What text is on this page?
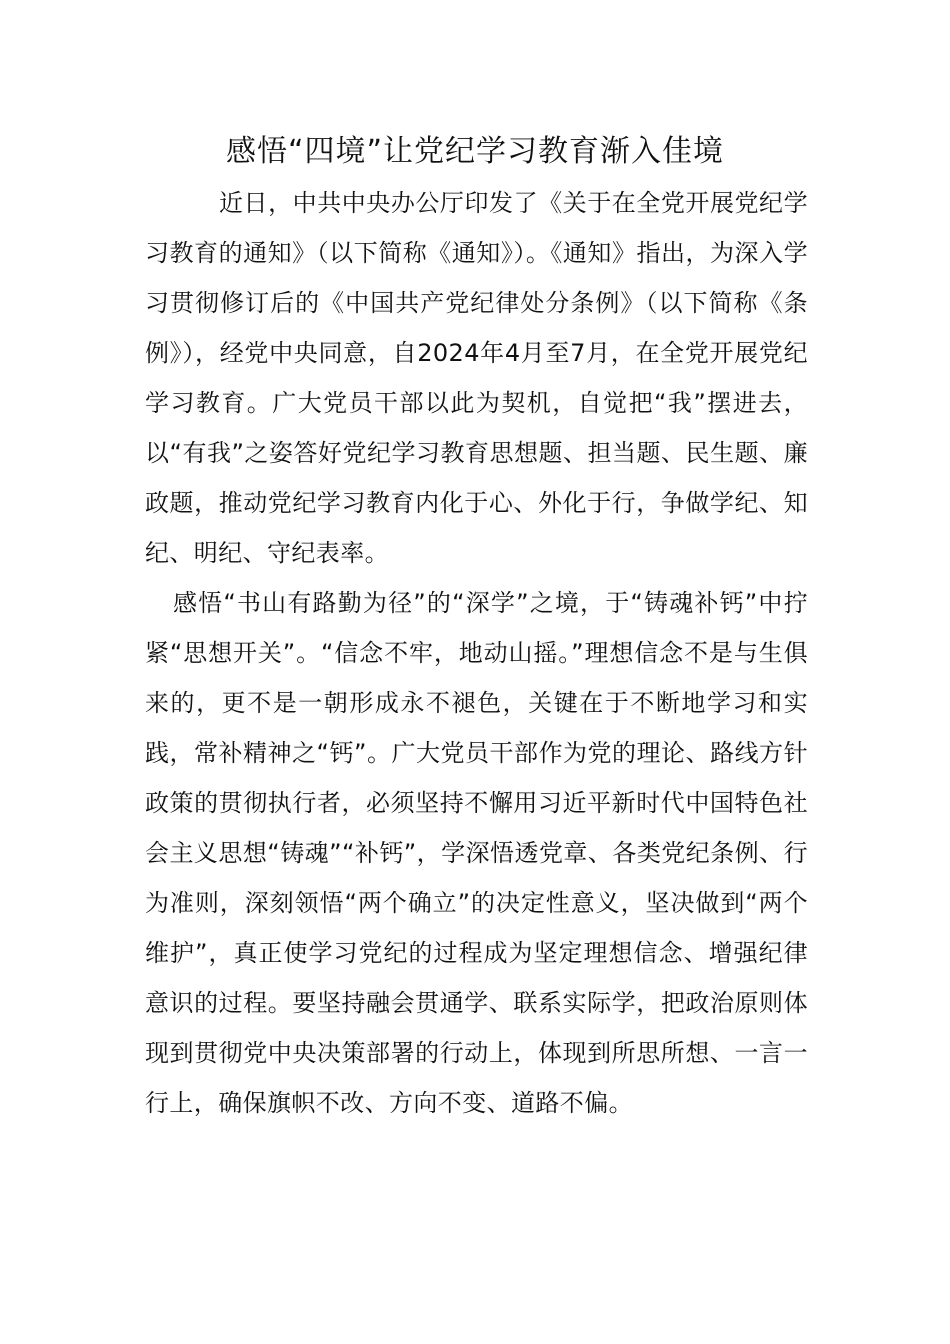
感悟“四境”让党纪学习教育渐入佳境

近日，中共中央办公厅印发了《关于在全党开展党纪学习教育的通知》（以下简称《通知》）。《通知》指出，为深入学习贯彻修订后的《中国共产党纪律处分条例》（以下简称《条例》），经党中央同意，自2024年4月至7月，在全党开展党纪学习教育。广大党员干部以此为契机，自觉把“我”摆进去，以“有我”之姿答好党纪学习教育思想题、担当题、民生题、廉政题，推动党纪学习教育内化于心、外化于行，争做学纪、知纪、明纪、守纪表率。

感悟“书山有路勤为径”的“深学”之境，于“铸魂补钙”中拧紧“思想开关”。“信念不牢，地动山摇。”理想信念不是与生俱来的，更不是一朝形成永不褪色，关键在于不断地学习和实践，常补精神之“钙”。广大党员干部作为党的理论、路线方针政策的贯彻执行者，必须坚持不懈用习近平新时代中国特色社会主义思想“铸魂”“补钙”，学深悟透党章、各类党纪条例、行为准则，深刻领悟“两个确立”的决定性意义，坚决做到“两个维护”，真正使学习党纪的过程成为坚定理想信念、增强纪律意识的过程。要坚持融会贯通学、联系实际学，把政治原则体现到贯彻党中央决策部署的行动上，体现到所思所想、一言一行上，确保旗帜不改、方向不变、道路不偏。
